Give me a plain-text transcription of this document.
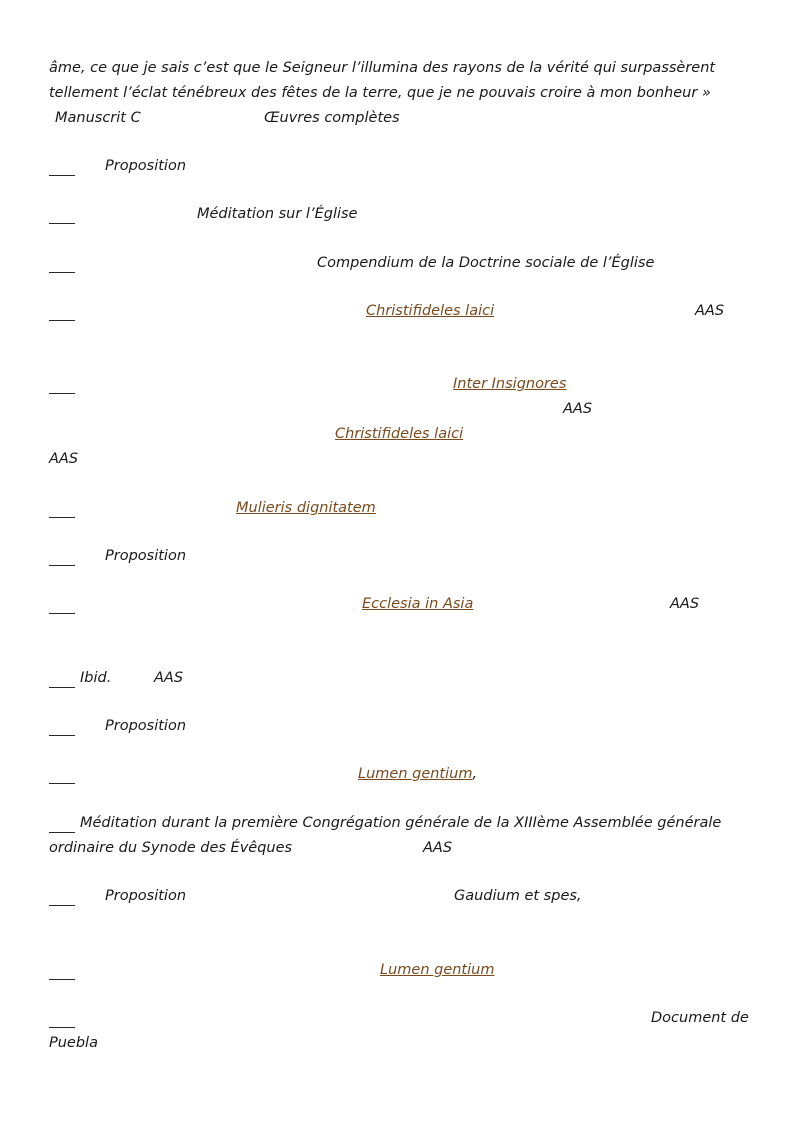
âme, ce que je sais c’est que le Seigneur l’illumina des rayons de la vérité qui surpassèrent
tellement l’éclat ténébreux des fêtes de la terre, que je ne pouvais croire à mon bonheur »
Manuscrit C	Œuvres complètes
Proposition
Méditation sur l’Église
Compendium de la Doctrine sociale de l’Église
Christifideles laici	AAS
Inter Insignores
AAS
Christifideles laici
AAS
Mulieris dignitatem
Proposition
Ecclesia in Asia	AAS
Ibid.	AAS
Proposition
Lumen gentium,
Méditation durant la première Congrégation générale de la XIIIème Assemblée générale
ordinaire du Synode des Évêques	AAS
Proposition	Gaudium et spes,
Lumen gentium
Document de
Puebla
